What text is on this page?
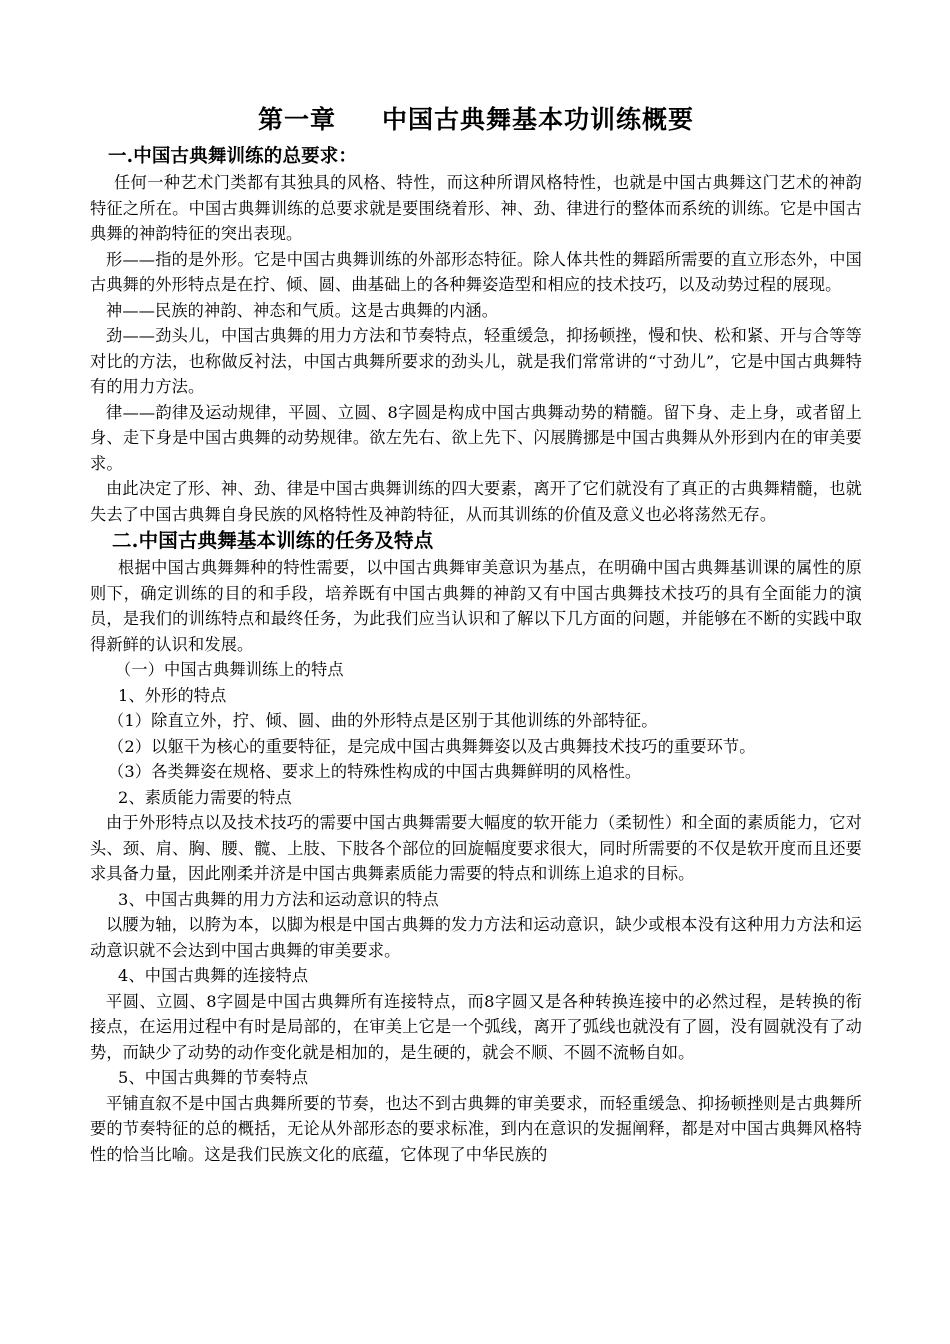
第一章 中国古典舞基本功训练概要
一.中国古典舞训练的总要求：

任何一种艺术门类都有其独具的风格、特性，而这种所谓风格特性，也就是中国古典舞这门艺术的神韵特征之所在。中国古典舞训练的总要求就是要围绕着形、神、劲、律进行的整体而系统的训练。它是中国古典舞的神韵特征的突出表现。

形——指的是外形。它是中国古典舞训练的外部形态特征。除人体共性的舞蹈所需要的直立形态外，中国古典舞的外形特点是在拧、倾、圆、曲基础上的各种舞姿造型和相应的技术技巧，以及动势过程的展现。

神——民族的神韵、神态和气质。这是古典舞的内涵。

劲——劲头儿，中国古典舞的用力方法和节奏特点，轻重缓急，抑扬顿挫，慢和快、松和紧、开与合等等对比的方法，也称做反衬法，中国古典舞所要求的劲头儿，就是我们常常讲的“寸劲儿”，它是中国古典舞特有的用力方法。

律——韵律及运动规律，平圆、立圆、8字圆是构成中国古典舞动势的精髓。留下身、走上身，或者留上身、走下身是中国古典舞的动势规律。欲左先右、欲上先下、闪展腾挪是中国古典舞从外形到内在的审美要求。

由此决定了形、神、劲、律是中国古典舞训练的四大要素，离开了它们就没有了真正的古典舞精髓，也就失去了中国古典舞自身民族的风格特性及神韵特征，从而其训练的价值及意义也必将荡然无存。

二.中国古典舞基本训练的任务及特点

根据中国古典舞舞种的特性需要，以中国古典舞审美意识为基点，在明确中国古典舞基训课的属性的原则下，确定训练的目的和手段，培养既有中国古典舞的神韵又有中国古典舞技术技巧的具有全面能力的演员，是我们的训练特点和最终任务，为此我们应当认识和了解以下几方面的问题，并能够在不断的实践中取得新鲜的认识和发展。

（一）中国古典舞训练上的特点

1、外形的特点

（1）除直立外，拧、倾、圆、曲的外形特点是区别于其他训练的外部特征。

（2）以躯干为核心的重要特征，是完成中国古典舞舞姿以及古典舞技术技巧的重要环节。

（3）各类舞姿在规格、要求上的特殊性构成的中国古典舞鲜明的风格性。

2、素质能力需要的特点

由于外形特点以及技术技巧的需要中国古典舞需要大幅度的软开能力（柔韧性）和全面的素质能力，它对头、颈、肩、胸、腰、髋、上肢、下肢各个部位的回旋幅度要求很大，同时所需要的不仅是软开度而且还要求具备力量，因此刚柔并济是中国古典舞素质能力需要的特点和训练上追求的目标。

3、中国古典舞的用力方法和运动意识的特点

以腰为轴，以胯为本，以脚为根是中国古典舞的发力方法和运动意识，缺少或根本没有这种用力方法和运动意识就不会达到中国古典舞的审美要求。

4、中国古典舞的连接特点

平圆、立圆、8字圆是中国古典舞所有连接特点，而8字圆又是各种转换连接中的必然过程，是转换的衔接点，在运用过程中有时是局部的，在审美上它是一个弧线，离开了弧线也就没有了圆，没有圆就没有了动势，而缺少了动势的动作变化就是相加的，是生硬的，就会不顺、不圆不流畅自如。

5、中国古典舞的节奏特点

平铺直叙不是中国古典舞所要的节奏，也达不到古典舞的审美要求，而轻重缓急、抑扬顿挫则是古典舞所要的节奏特征的总的概括，无论从外部形态的要求标准，到内在意识的发掘阐释，都是对中国古典舞风格特性的恰当比喻。这是我们民族文化的底蕴，它体现了中华民族的
